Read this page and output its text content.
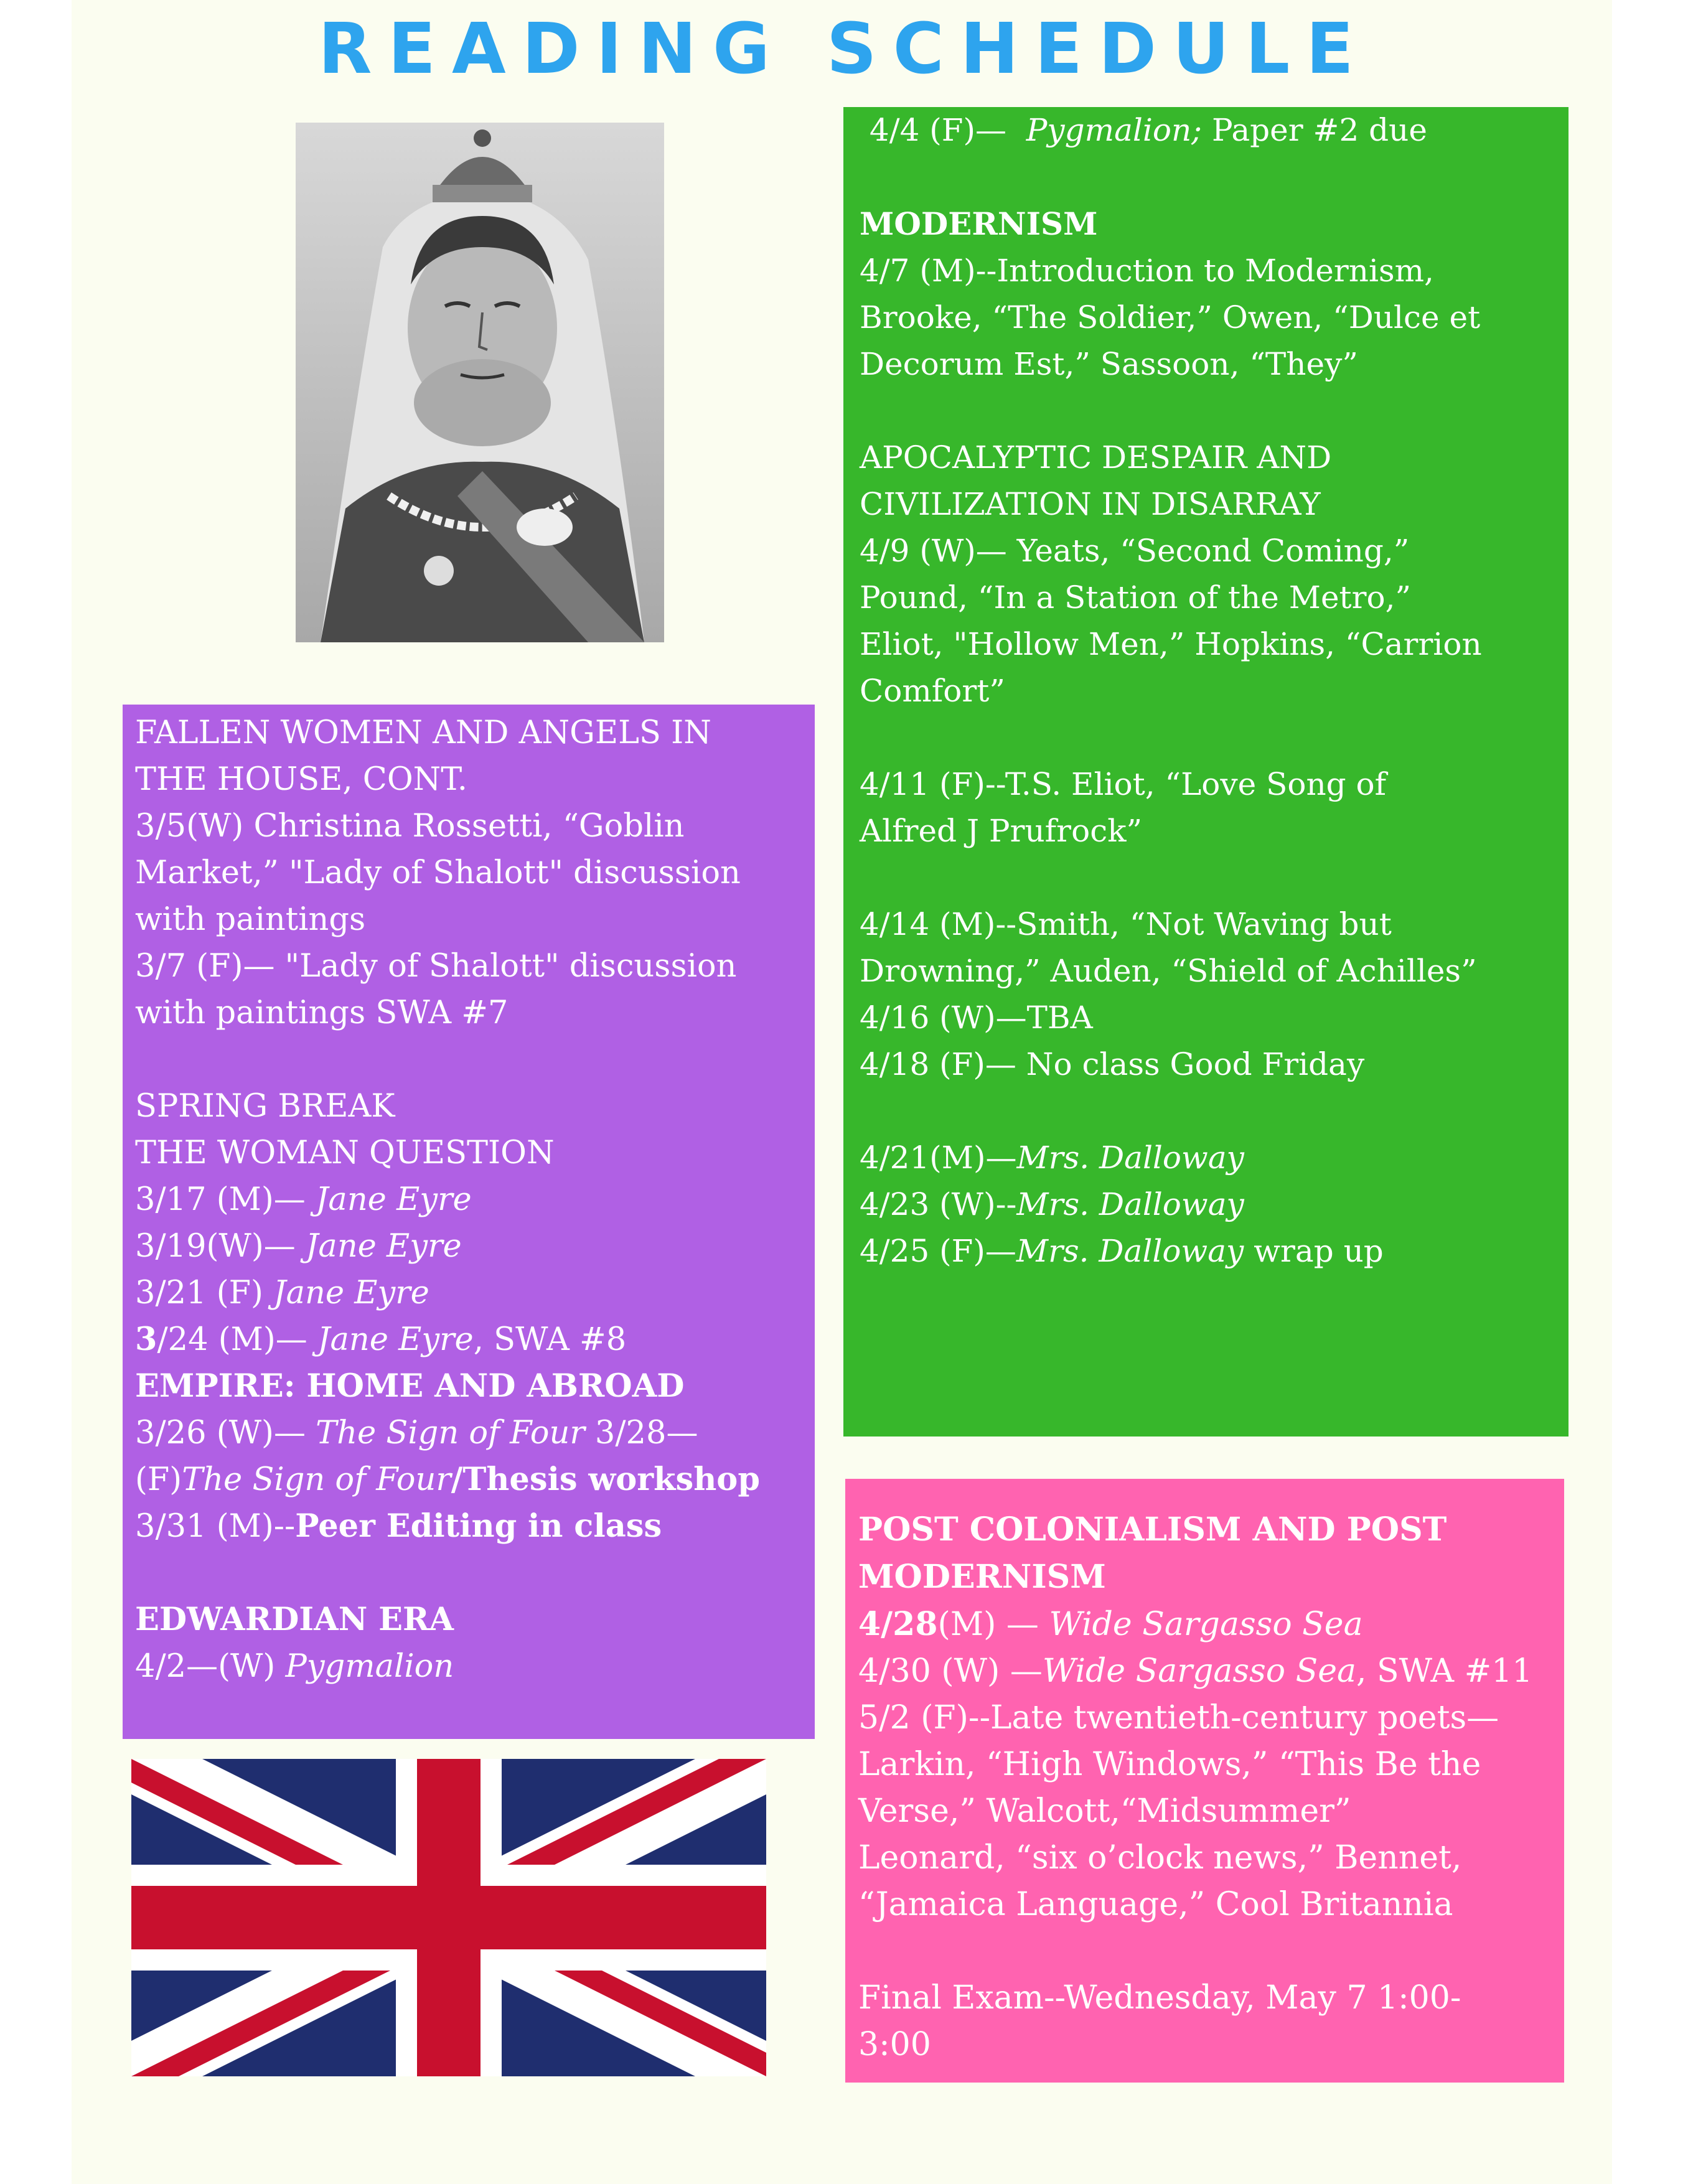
READING SCHEDULE
FALLEN WOMEN AND ANGELS IN
THE HOUSE, CONT.
3/5(W) Christina Rossetti, “Goblin
Market,” "Lady of Shalott" discussion
with paintings
3/7 (F)— "Lady of Shalott" discussion
with paintings SWA #7
SPRING BREAK
THE WOMAN QUESTION
3/17 (M)— Jane Eyre
3/19(W)— Jane Eyre
3/21 (F) Jane Eyre
3/24 (M)— Jane Eyre, SWA #8
EMPIRE: HOME AND ABROAD
3/26 (W)— The Sign of Four 3/28—
(F)The Sign of Four/Thesis workshop
3/31 (M)--Peer Editing in class
EDWARDIAN ERA
4/2—(W) Pygmalion
4/4 (F)— Pygmalion; Paper #2 due
MODERNISM
4/7 (M)--Introduction to Modernism,
Brooke, “The Soldier,” Owen, “Dulce et
Decorum Est,” Sassoon, “They”
APOCALYPTIC DESPAIR AND
CIVILIZATION IN DISARRAY
4/9 (W)— Yeats, “Second Coming,”
Pound, “In a Station of the Metro,”
Eliot, "Hollow Men,” Hopkins, “Carrion
Comfort”
4/11 (F)--T.S. Eliot, “Love Song of
Alfred J Prufrock”
4/14 (M)--Smith, “Not Waving but
Drowning,” Auden, “Shield of Achilles”
4/16 (W)—TBA
4/18 (F)— No class Good Friday
4/21(M)—Mrs. Dalloway
4/23 (W)--Mrs. Dalloway
4/25 (F)—Mrs. Dalloway wrap up
POST COLONIALISM AND POST
MODERNISM
4/28(M) — Wide Sargasso Sea
4/30 (W) —Wide Sargasso Sea, SWA #11
5/2 (F)--Late twentieth-century poets—
Larkin, “High Windows,” “This Be the
Verse,” Walcott,“Midsummer”
Leonard, “six o’clock news,” Bennet,
“Jamaica Language,” Cool Britannia
Final Exam--Wednesday, May 7 1:00-
3:00
